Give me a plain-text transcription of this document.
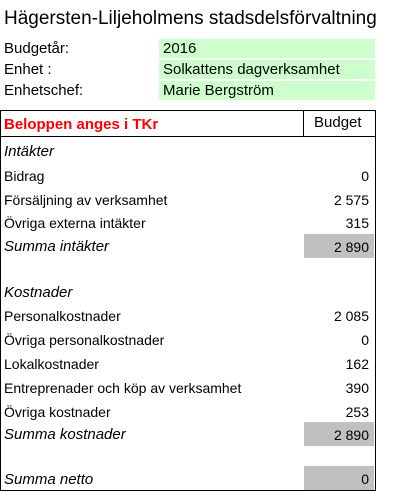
Hägersten-Liljeholmens stadsdelsförvaltning
Budgetår:	2016
Enhet :	Solkattens dagverksamhet
Enhetschef:	Marie Bergström
Beloppen anges i TKr	Budget
Intäkter
Bidrag	0
Försäljning av verksamhet	2 575
Övriga externa intäkter	315
Summa intäkter	2 890
Kostnader
Personalkostnader	2 085
Övriga personalkostnader	0
Lokalkostnader	162
Entreprenader och köp av verksamhet	390
Övriga kostnader	253
Summa kostnader	2 890
Summa netto	0
